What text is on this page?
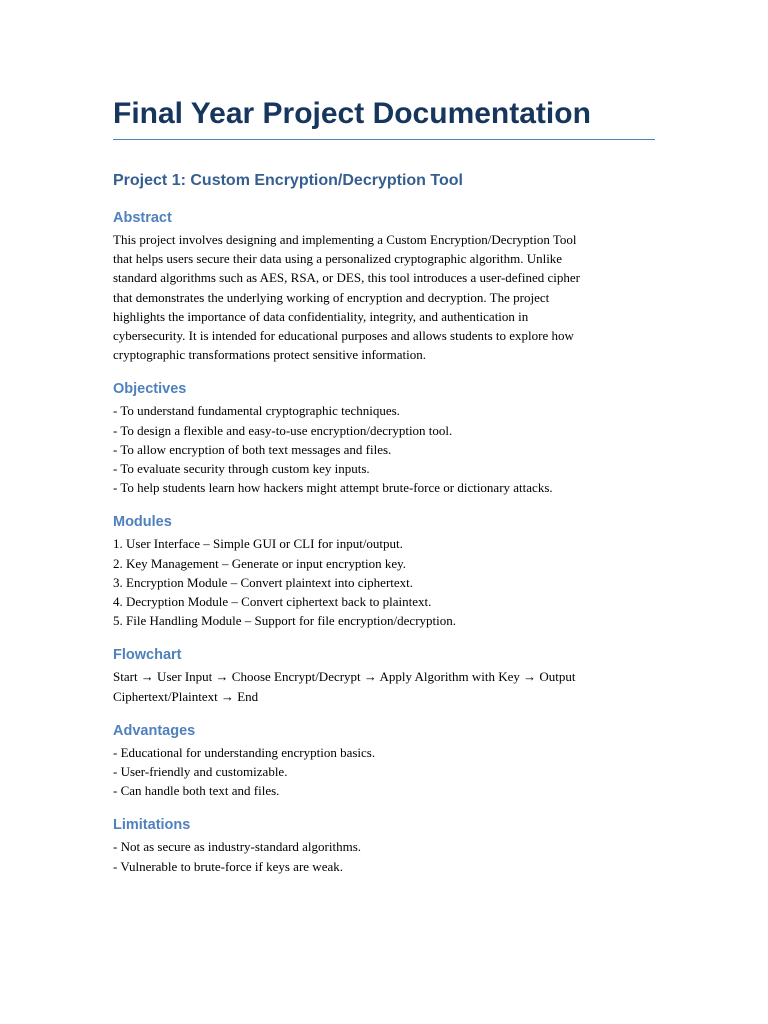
Final Year Project Documentation
Project 1: Custom Encryption/Decryption Tool
Abstract

This project involves designing and implementing a Custom Encryption/Decryption Tool
that helps users secure their data using a personalized cryptographic algorithm. Unlike
standard algorithms such as AES, RSA, or DES, this tool introduces a user-defined cipher
that demonstrates the underlying working of encryption and decryption. The project
highlights the importance of data confidentiality, integrity, and authentication in
cybersecurity. It is intended for educational purposes and allows students to explore how
cryptographic transformations protect sensitive information.

Objectives

- To understand fundamental cryptographic techniques.
- To design a flexible and easy-to-use encryption/decryption tool.
- To allow encryption of both text messages and files.
- To evaluate security through custom key inputs.
- To help students learn how hackers might attempt brute-force or dictionary attacks.

Modules

1. User Interface – Simple GUI or CLI for input/output.
2. Key Management – Generate or input encryption key.
3. Encryption Module – Convert plaintext into ciphertext.
4. Decryption Module – Convert ciphertext back to plaintext.
5. File Handling Module – Support for file encryption/decryption.

Flowchart

Start → User Input → Choose Encrypt/Decrypt → Apply Algorithm with Key → Output
Ciphertext/Plaintext → End

Advantages

- Educational for understanding encryption basics.
- User-friendly and customizable.
- Can handle both text and files.

Limitations

- Not as secure as industry-standard algorithms.
- Vulnerable to brute-force if keys are weak.
